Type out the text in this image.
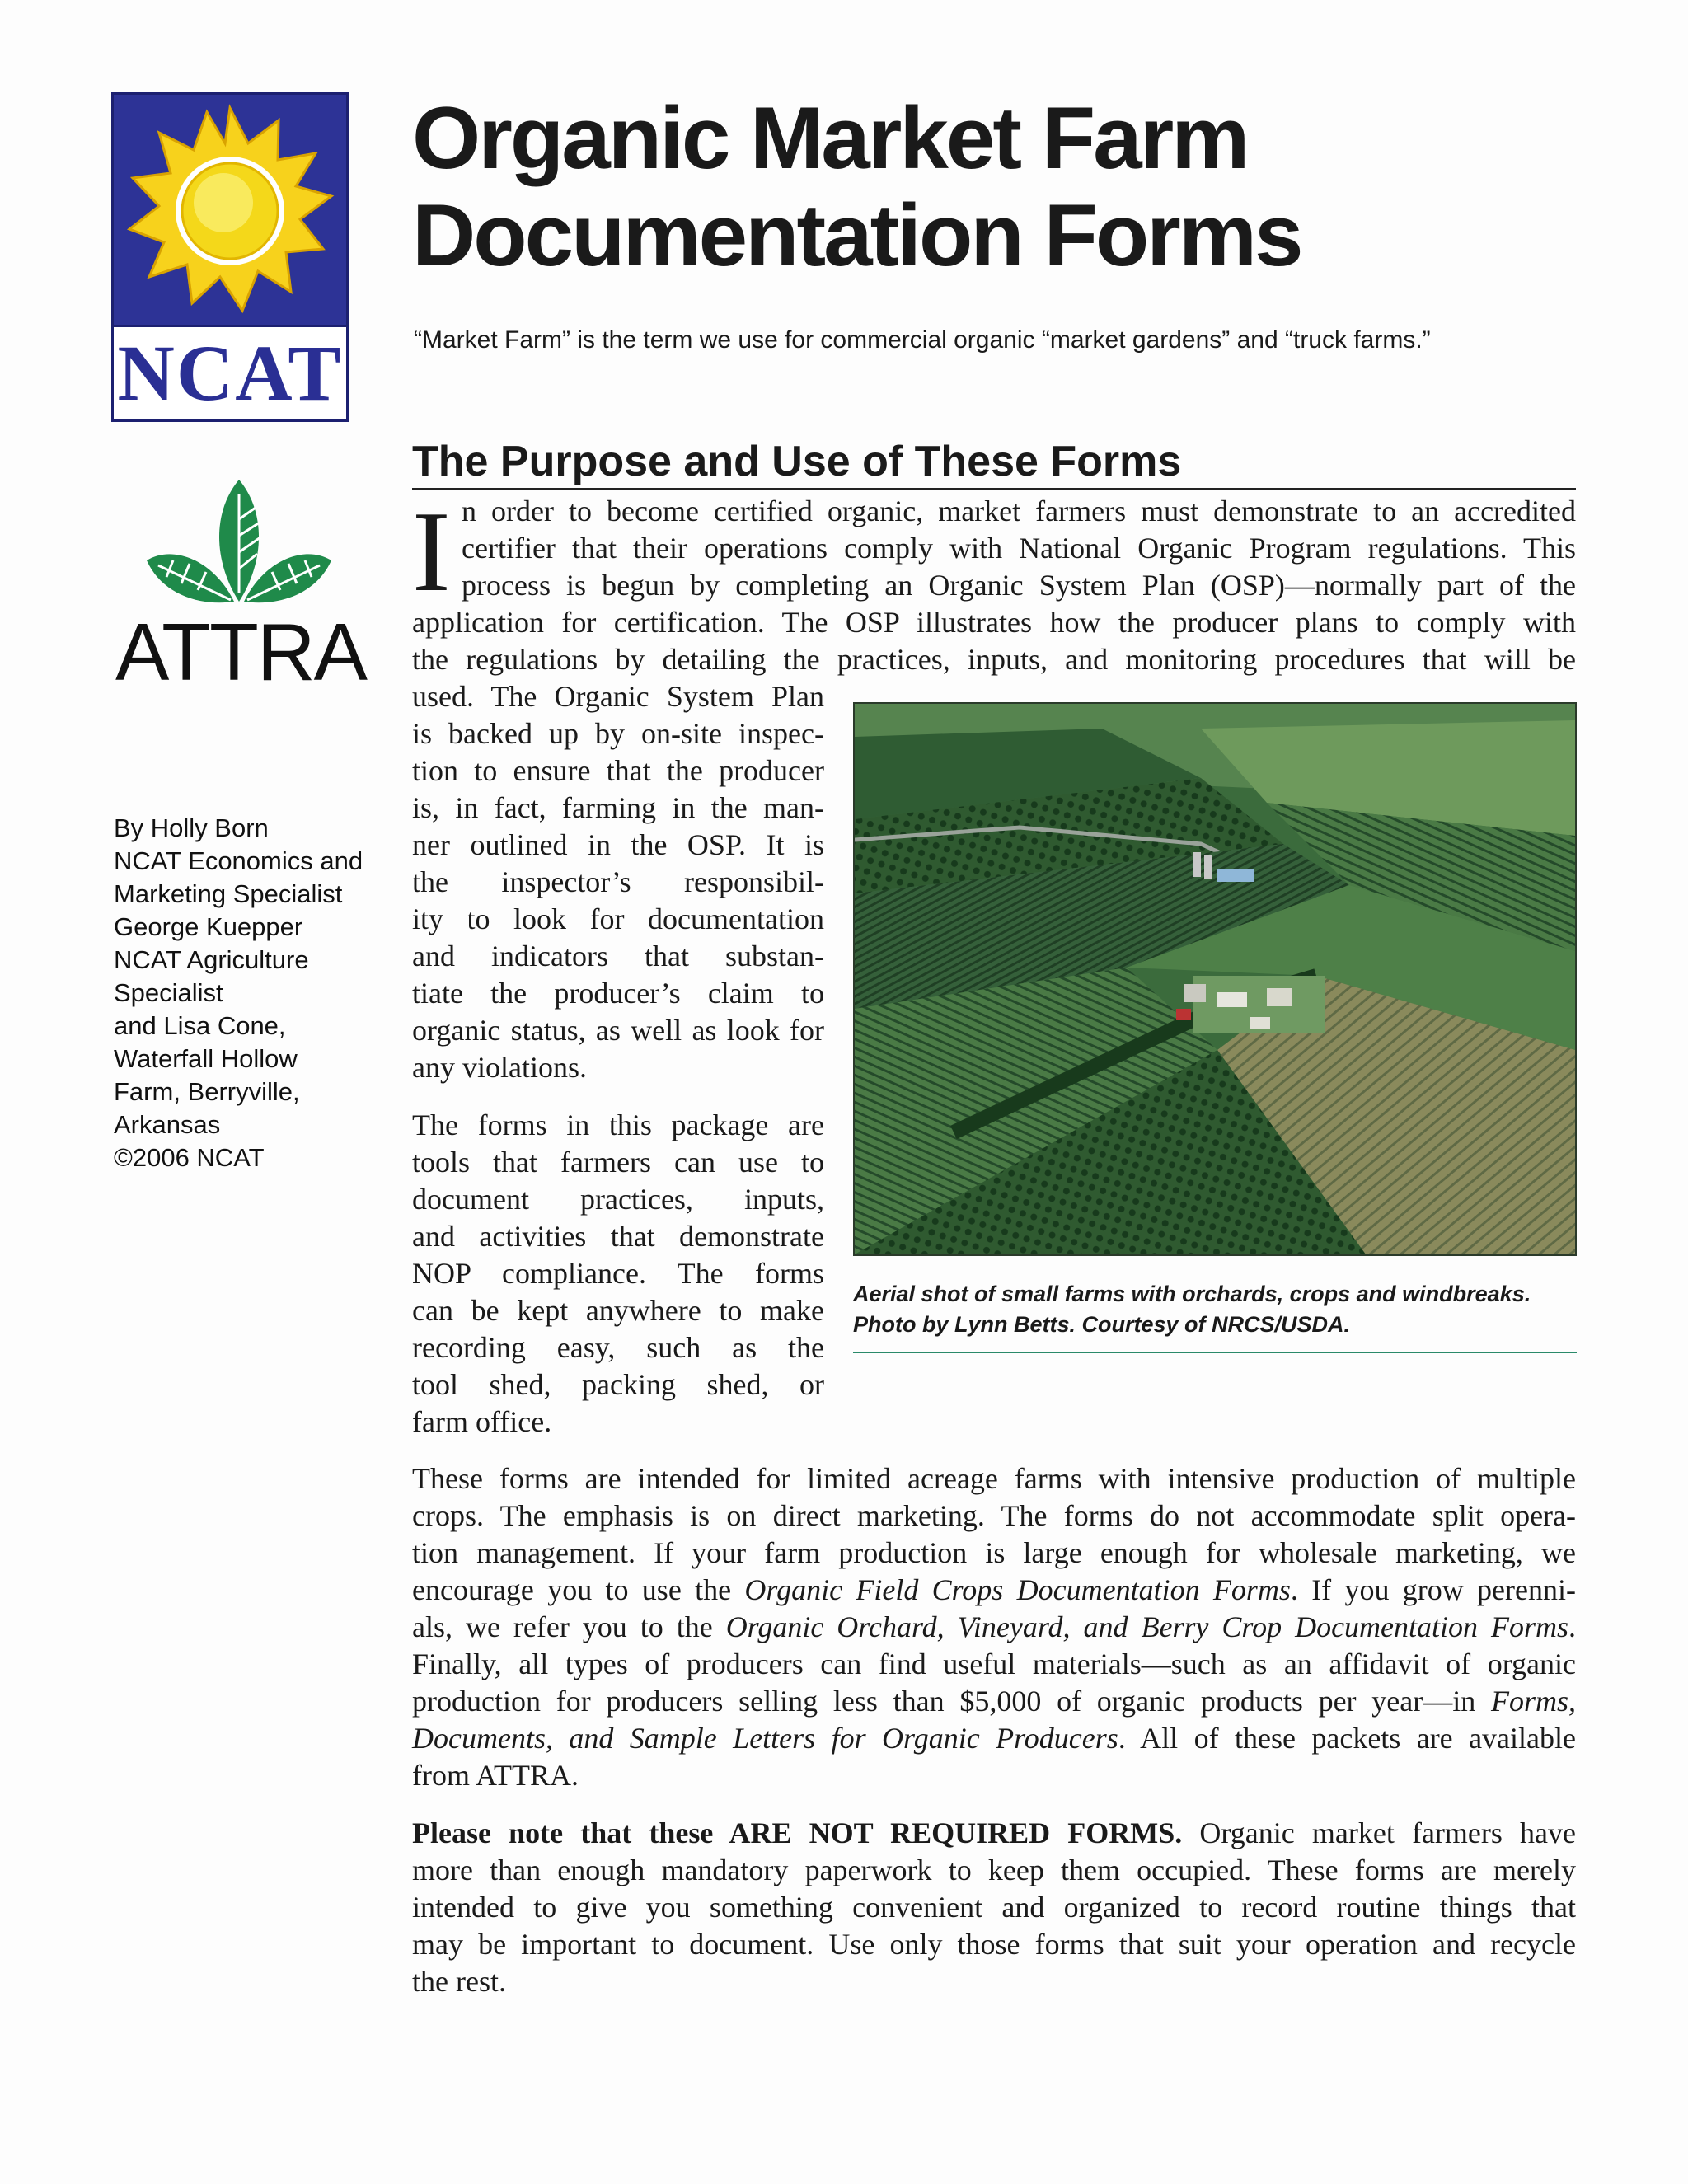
NCAT
ATTRA
By Holly Born
NCAT Economics and
Marketing Specialist
George Kuepper
NCAT Agriculture
Specialist
and Lisa Cone,
Waterfall Hollow
Farm, Berryville,
Arkansas
©2006 NCAT
Organic Market Farm
Documentation Forms
“Market Farm” is the term we use for commercial organic “market gardens” and “truck farms.”
The Purpose and Use of These Forms
I n order to become certified organic, market farmers must demonstrate to an accredited
certifier that their operations comply with National Organic Program regulations. This
process is begun by completing an Organic System Plan (OSP)—normally part of the
application for certification. The OSP illustrates how the producer plans to comply with
the regulations by detailing the practices, inputs, and monitoring procedures that will be
used. The Organic System Plan
is backed up by on-site inspec-
tion to ensure that the producer
is, in fact, farming in the man-
ner outlined in the OSP. It is
the inspector’s responsibil-
ity to look for documentation
and indicators that substan-
tiate the producer’s claim to
organic status, as well as look for
any violations.
The forms in this package are
tools that farmers can use to
document practices, inputs,
and activities that demonstrate
NOP compliance. The forms
can be kept anywhere to make
recording easy, such as the
tool shed, packing shed, or
farm office.
Aerial shot of small farms with orchards, crops and windbreaks.
Photo by Lynn Betts. Courtesy of NRCS/USDA.
These forms are intended for limited acreage farms with intensive production of multiple
crops. The emphasis is on direct marketing. The forms do not accommodate split opera-
tion management. If your farm production is large enough for wholesale marketing, we
encourage you to use the Organic Field Crops Documentation Forms. If you grow perenni-
als, we refer you to the Organic Orchard, Vineyard, and Berry Crop Documentation Forms.
Finally, all types of producers can find useful materials—such as an affidavit of organic
production for producers selling less than $5,000 of organic products per year—in Forms,
Documents, and Sample Letters for Organic Producers. All of these packets are available
from ATTRA.
Please note that these ARE NOT REQUIRED FORMS. Organic market farmers have
more than enough mandatory paperwork to keep them occupied. These forms are merely
intended to give you something convenient and organized to record routine things that
may be important to document. Use only those forms that suit your operation and recycle
the rest.
